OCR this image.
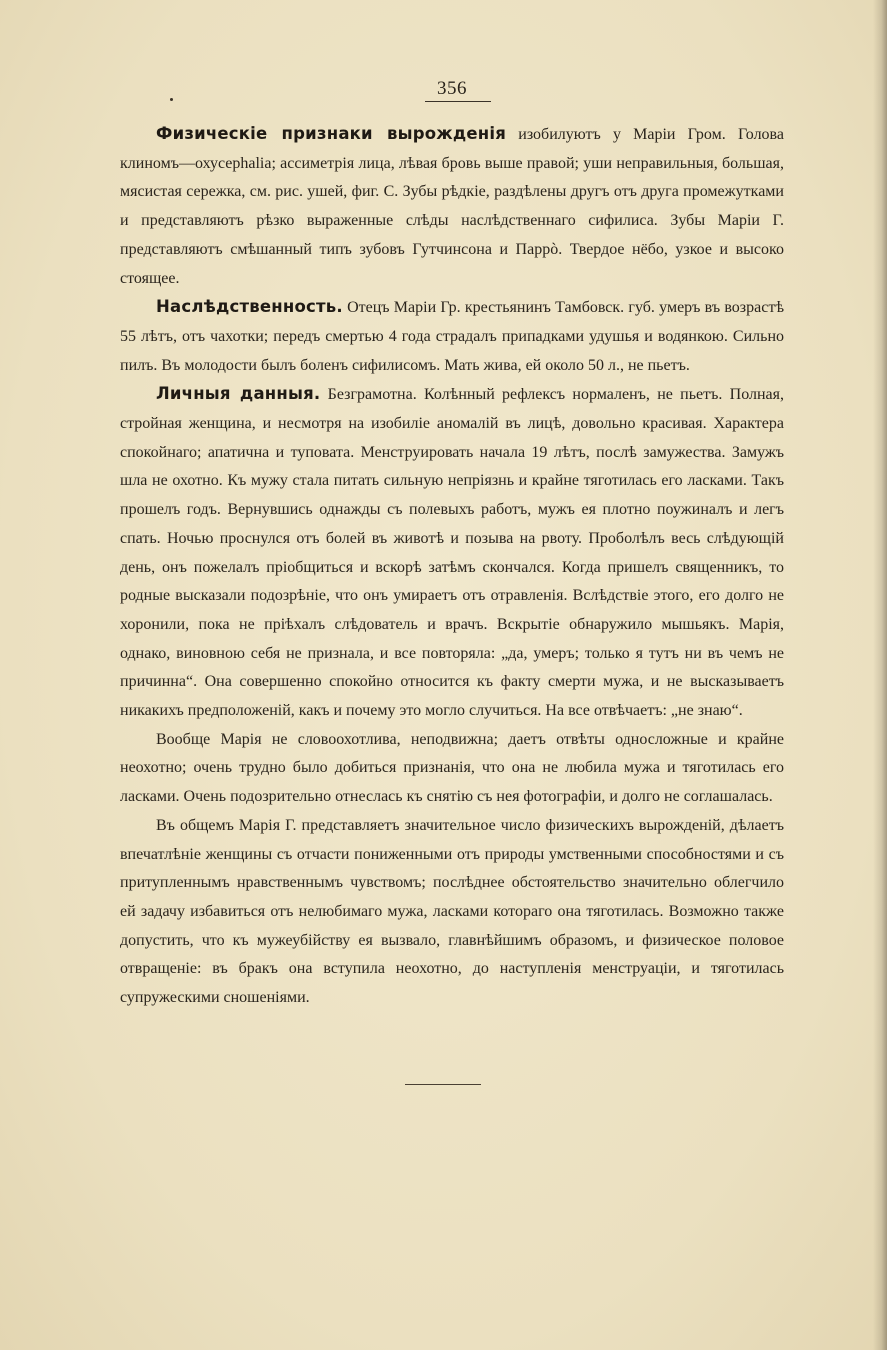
356

Физическіе признаки вырожденія изобилуютъ у Маріи Гром. Голова клиномъ—охусерhаliа; ассиметрія лица, лѣвая бровь выше правой; уши неправильныя, большая, мясистая сережка, см. рис. ушей, фиг. С. Зубы рѣдкіе, раздѣлены другъ отъ друга промежутками и представляютъ рѣзко выраженные слѣды наслѣдственнаго сифилиса. Зубы Маріи Г. представляютъ смѣшанный типъ зубовъ Гутчинсона и Паррò. Твердое нёбо, узкое и высоко стоящее.

Наслѣдственность. Отецъ Маріи Гр. крестьянинъ Тамбовск. губ. умеръ въ возрастѣ 55 лѣтъ, отъ чахотки; передъ смертью 4 года страдалъ припадками удушья и водянкою. Сильно пилъ. Въ молодости былъ боленъ сифилисомъ. Мать жива, ей около 50 л., не пьетъ.

Личныя данныя. Безграмотна. Колѣнный рефлексъ нормаленъ, не пьетъ. Полная, стройная женщина, и несмотря на изобиліе аномалій въ лицѣ, довольно красивая. Характера спокойнаго; апатична и туповата. Менструировать начала 19 лѣтъ, послѣ замужества. Замужъ шла не охотно. Къ мужу стала питать сильную непріязнь и крайне тяготилась его ласками. Такъ прошелъ годъ. Вернувшись однажды съ полевыхъ работъ, мужъ ея плотно поужиналъ и легъ спать. Ночью проснулся отъ болей въ животѣ и позыва на рвоту. Проболѣлъ весь слѣдующій день, онъ пожелалъ пріобщиться и вскорѣ затѣмъ скончался. Когда пришелъ священникъ, то родные высказали подозрѣніе, что онъ умираетъ отъ отравленія. Вслѣдствіе этого, его долго не хоронили, пока не пріѣхалъ слѣдователь и врачъ. Вскрытіе обнаружило мышьякъ. Марія, однако, виновною себя не признала, и все повторяла: „да, умеръ; только я тутъ ни въ чемъ не причинна“. Она совершенно спокойно относится къ факту смерти мужа, и не высказываетъ никакихъ предположеній, какъ и почему это могло случиться. На все отвѣчаетъ: „не знаю“.

Вообще Марія не словоохотлива, неподвижна; даетъ отвѣты односложные и крайне неохотно; очень трудно было добиться признанія, что она не любила мужа и тяготилась его ласками. Очень подозрительно отнеслась къ снятію съ нея фотографіи, и долго не соглашалась.

Въ общемъ Марія Г. представляетъ значительное число физическихъ вырожденій, дѣлаетъ впечатлѣніе женщины съ отчасти пониженными отъ природы умственными способностями и съ притупленнымъ нравственнымъ чувствомъ; послѣднее обстоятельство значительно облегчило ей задачу избавиться отъ нелюбимаго мужа, ласками котораго она тяготилась. Возможно также допустить, что къ мужеубійству ея вызвало, главнѣйшимъ образомъ, и физическое половое отвращеніе: въ бракъ она вступила неохотно, до наступленія менструаціи, и тяготилась супружескими сношеніями.
